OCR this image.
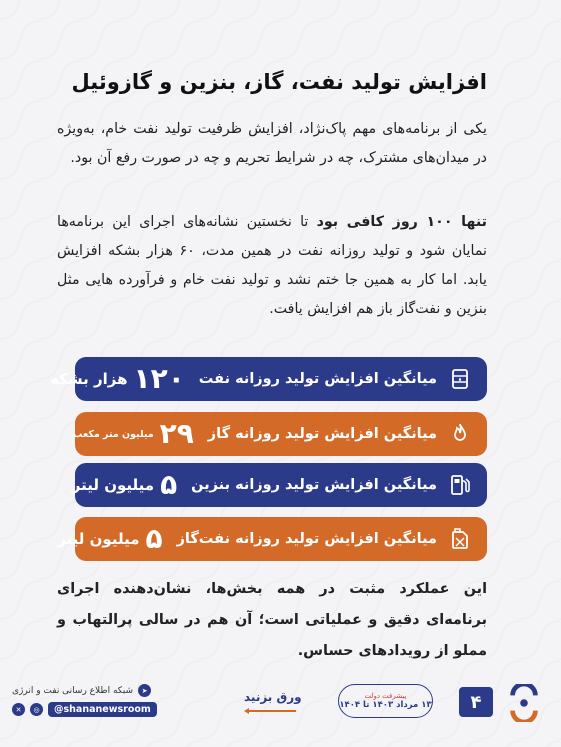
افزایش تولید نفت، گاز، بنزین و گازوئیل
یکی از برنامه‌های مهم پاک‌نژاد، افزایش ظرفیت تولید نفت خام، به‌ویژه در میدان‌های مشترک، چه در شرایط تحریم و چه در صورت رفع آن بود.
تنها ۱۰۰ روز کافی بود تا نخستین نشانه‌های اجرای این برنامه‌ها نمایان شود و تولید روزانه نفت در همین مدت، ۶۰ هزار بشکه افزایش یابد. اما کار به همین جا ختم نشد و تولید نفت خام و فرآورده هایی مثل بنزین و نفت‌گاز باز هم افزایش یافت.
میانگین افزایش تولید روزانه نفت
۱۲۰
هزار بشکه
میانگین افزایش تولید روزانه گاز
۲۹
میلیون متر مکعب
میانگین افزایش تولید روزانه بنزین
۵
میلیون لیتر
میانگین افزایش تولید روزانه نفت‌گاز
۵
میلیون لیتر
این عملکرد مثبت در همه بخش‌ها، نشان‌دهنده اجرای برنامه‌ای دقیق و عملیاتی است؛ آن هم در سالی پرالتهاب و مملو از رویدادهای حساس.
۴
پیشرفت دولت
۱۳ مرداد ۱۴۰۳ تا ۱۴۰۴
ورق بزنید
➤
شبکه اطلاع رسانی نفت و انرژی
✕	◎	@shananewsroom
